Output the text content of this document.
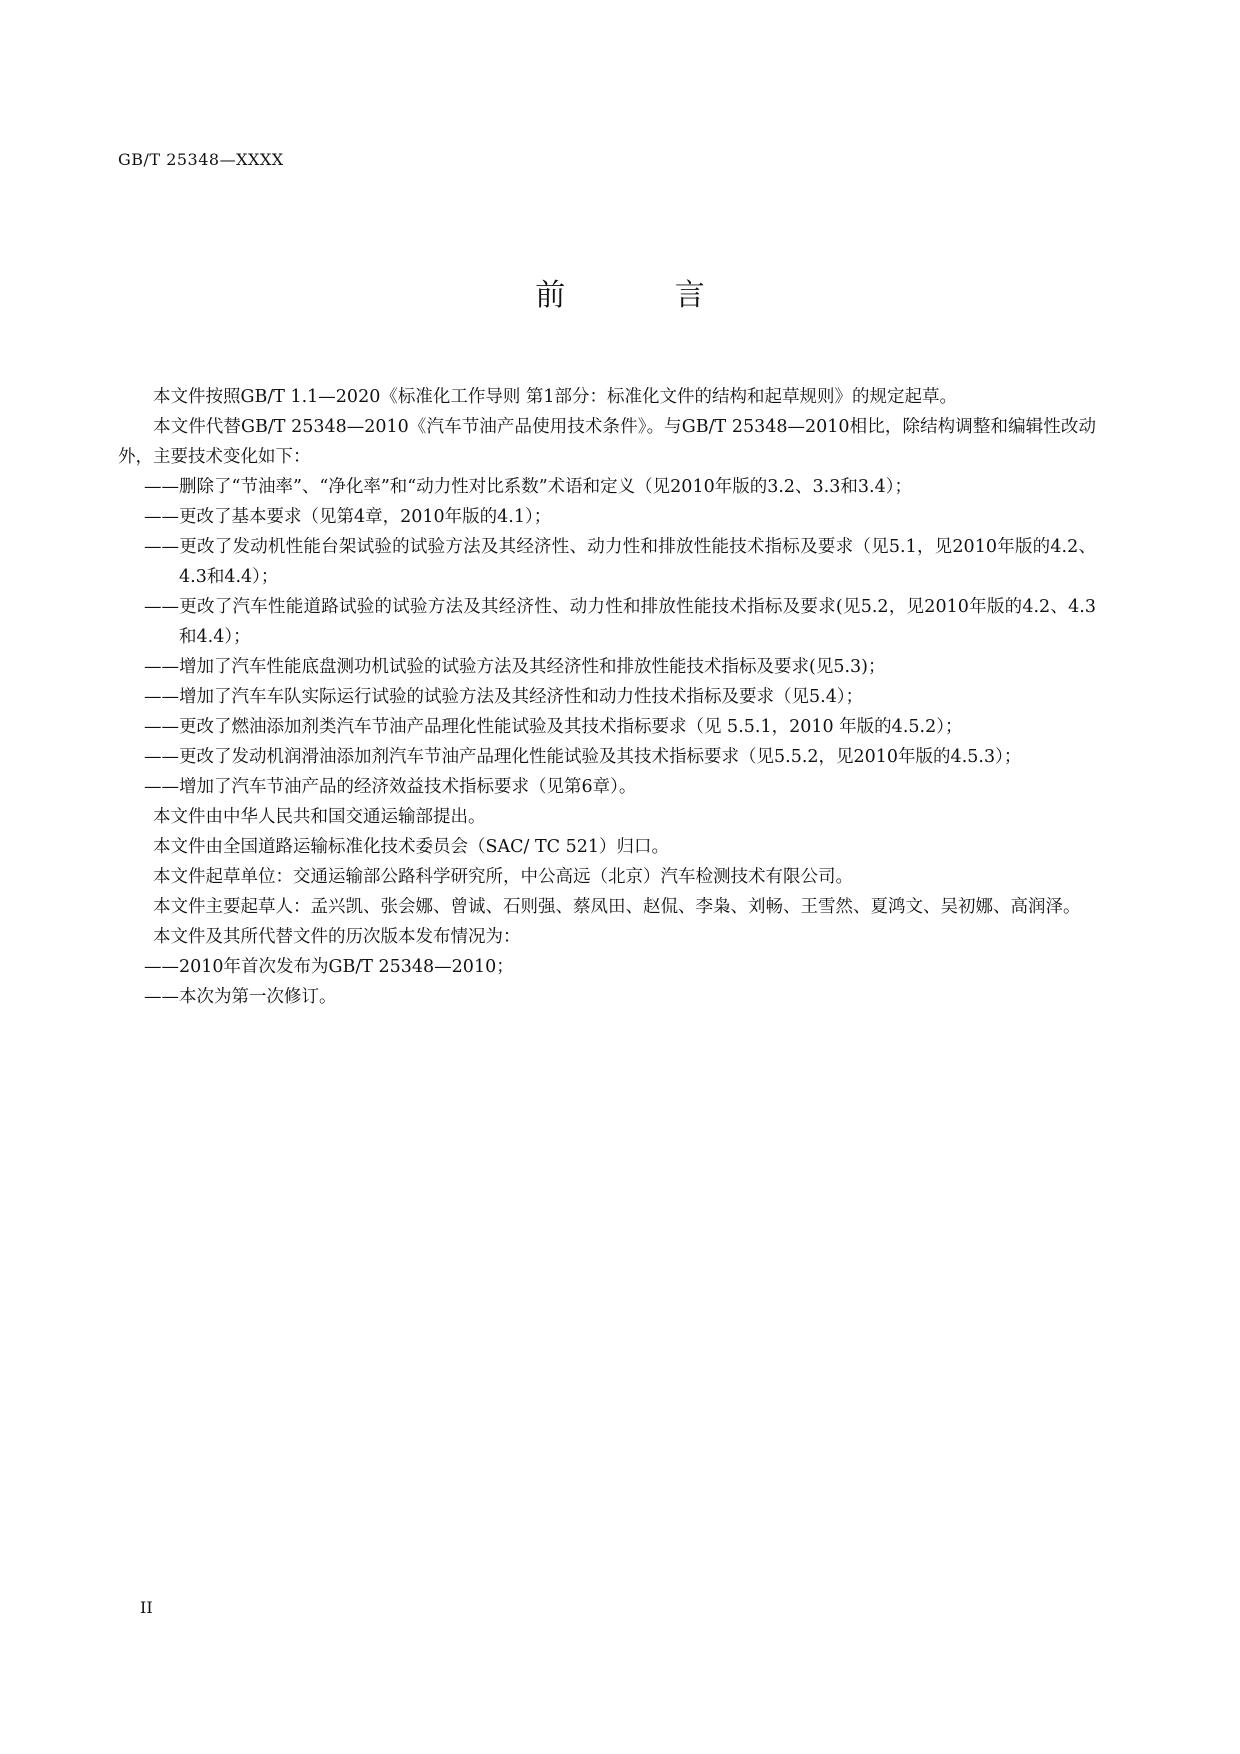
GB/T 25348—XXXX
前 言

本文件按照GB/T 1.1—2020《标准化工作导则 第1部分：标准化文件的结构和起草规则》的规定起草。

本文件代替GB/T 25348—2010《汽车节油产品使用技术条件》。与GB/T 25348—2010相比，除结构调整和编辑性改动外，主要技术变化如下：

——删除了“节油率”、“净化率”和“动力性对比系数”术语和定义（见2010年版的3.2、3.3和3.4）；

——更改了基本要求（见第4章，2010年版的4.1）；

——更改了发动机性能台架试验的试验方法及其经济性、动力性和排放性能技术指标及要求（见5.1，见2010年版的4.2、4.3和4.4）；

——更改了汽车性能道路试验的试验方法及其经济性、动力性和排放性能技术指标及要求(见5.2，见2010年版的4.2、4.3和4.4）；

——增加了汽车性能底盘测功机试验的试验方法及其经济性和排放性能技术指标及要求(见5.3)；

——增加了汽车车队实际运行试验的试验方法及其经济性和动力性技术指标及要求（见5.4）；

——更改了燃油添加剂类汽车节油产品理化性能试验及其技术指标要求（见 5.5.1，2010 年版的4.5.2）；

——更改了发动机润滑油添加剂汽车节油产品理化性能试验及其技术指标要求（见5.5.2，见2010年版的4.5.3）；

——增加了汽车节油产品的经济效益技术指标要求（见第6章）。

本文件由中华人民共和国交通运输部提出。

本文件由全国道路运输标准化技术委员会（SAC/ TC 521）归口。

本文件起草单位：交通运输部公路科学研究所，中公高远（北京）汽车检测技术有限公司。

本文件主要起草人：孟兴凯、张会娜、曾诚、石则强、蔡凤田、赵侃、李枭、刘畅、王雪然、夏鸿文、吴初娜、高润泽。

本文件及其所代替文件的历次版本发布情况为：

——2010年首次发布为GB/T 25348—2010；

——本次为第一次修订。

II
